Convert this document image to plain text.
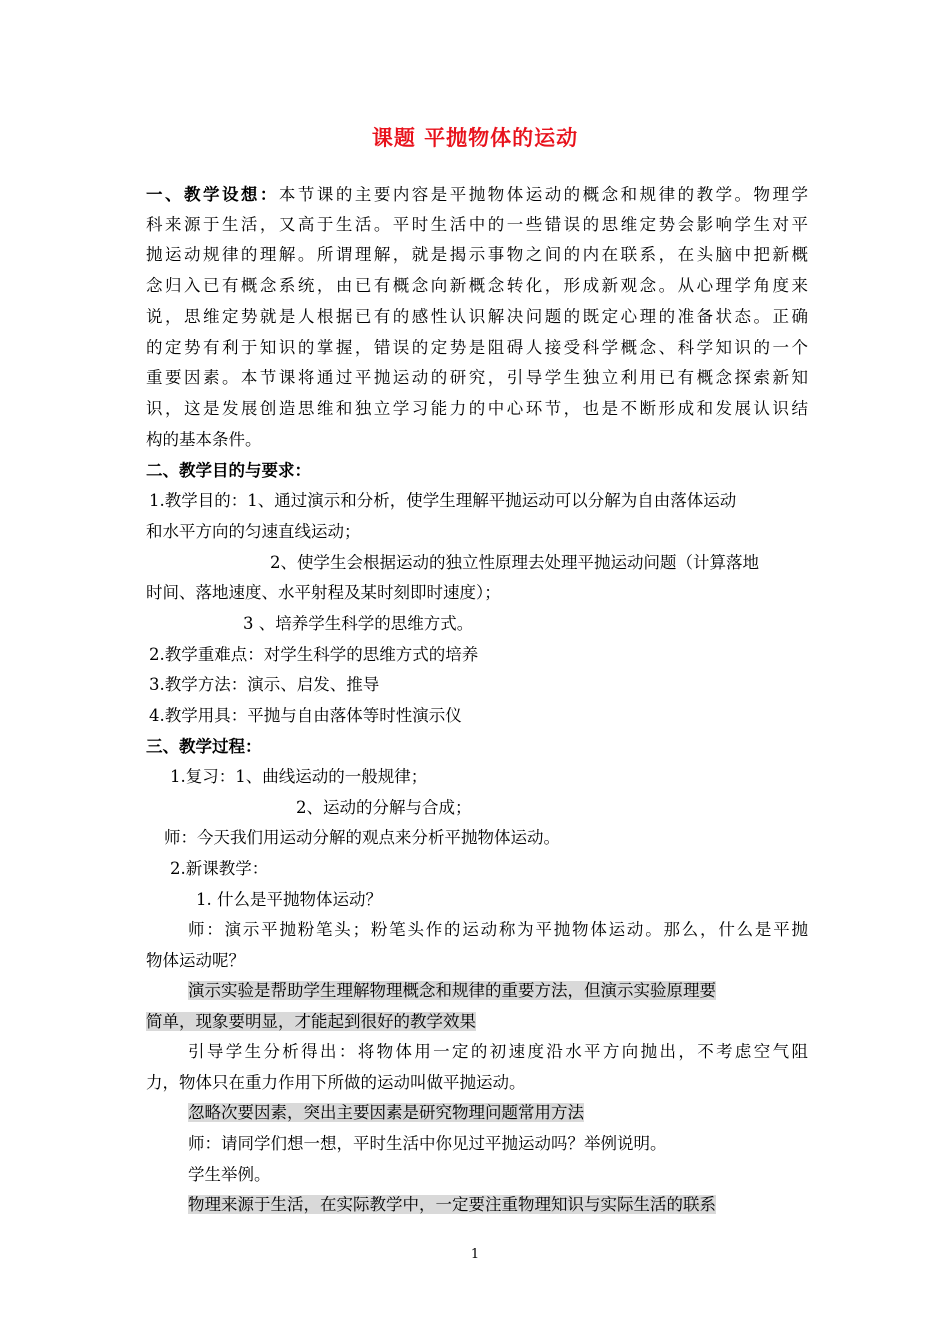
课题 平抛物体的运动
一、教学设想：本节课的主要内容是平抛物体运动的概念和规律的教学。物理学
科来源于生活，又高于生活。平时生活中的一些错误的思维定势会影响学生对平
抛运动规律的理解。所谓理解，就是揭示事物之间的内在联系，在头脑中把新概
念归入已有概念系统，由已有概念向新概念转化，形成新观念。从心理学角度来
说，思维定势就是人根据已有的感性认识解决问题的既定心理的准备状态。正确
的定势有利于知识的掌握，错误的定势是阻碍人接受科学概念、科学知识的一个
重要因素。本节课将通过平抛运动的研究，引导学生独立利用已有概念探索新知
识，这是发展创造思维和独立学习能力的中心环节，也是不断形成和发展认识结
构的基本条件。
二、教学目的与要求：
1.教学目的：1、通过演示和分析，使学生理解平抛运动可以分解为自由落体运动
和水平方向的匀速直线运动；
2、使学生会根据运动的独立性原理去处理平抛运动问题（计算落地
时间、落地速度、水平射程及某时刻即时速度）；
3 、培养学生科学的思维方式。
2.教学重难点：对学生科学的思维方式的培养
3.教学方法：演示、启发、推导
4.教学用具：平抛与自由落体等时性演示仪
三、教学过程：
1.复习：1、曲线运动的一般规律；
2、运动的分解与合成；
师：今天我们用运动分解的观点来分析平抛物体运动。
2.新课教学：
1. 什么是平抛物体运动？
师：演示平抛粉笔头；粉笔头作的运动称为平抛物体运动。那么，什么是平抛
物体运动呢？
演示实验是帮助学生理解物理概念和规律的重要方法，但演示实验原理要
简单，现象要明显，才能起到很好的教学效果
引导学生分析得出：将物体用一定的初速度沿水平方向抛出，不考虑空气阻
力，物体只在重力作用下所做的运动叫做平抛运动。
忽略次要因素，突出主要因素是研究物理问题常用方法
师：请同学们想一想，平时生活中你见过平抛运动吗？举例说明。
学生举例。
物理来源于生活，在实际教学中，一定要注重物理知识与实际生活的联系
1
